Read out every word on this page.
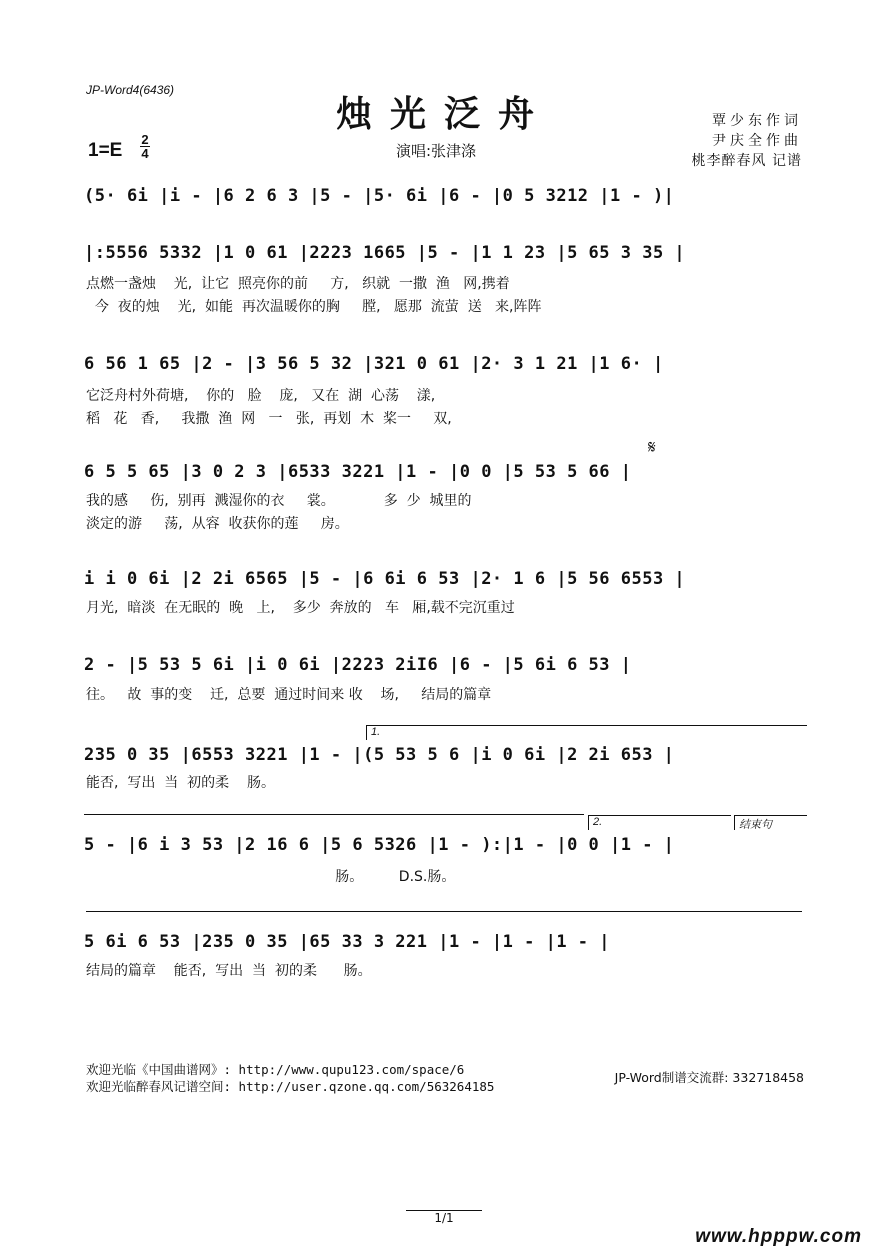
JP-Word4(6436)
烛光泛舟
1=E
2
4	演唱:张津涤
覃少东作词
尹庆全作曲
桃李醉春风 记谱
(5· 6i |i - |6 2 6 3 |5 - |5· 6i |6 - |0 5 3212 |1 - )|
|:5556 5332 |1 0 61 |2223 1665 |5 - |1 1 23 |5 65 3 35 |
点燃一盏烛    光,  让它  照亮你的前     方,   织就  一撒  渔   网,携着
今  夜的烛    光,  如能  再次温暖你的胸     膛,   愿那  流萤  送   来,阵阵
6 56 1 65 |2 - |3 56 5 32 |321 0 61 |2· 3 1 21 |1 6· |
它泛舟村外荷塘,    你的   脸    庞,   又在  湖  心荡    漾,
稻   花   香,     我撒  渔  网   一   张,  再划  木  桨一     双,
𝄋
6 5 5 65 |3 0 2 3 |6533 3221 |1 - |0 0 |5 53 5 66 |
我的感     伤,  别再  溅湿你的衣     裳。           多  少  城里的
淡定的游     荡,  从容  收获你的莲     房。
i i 0 6i |2 2i 6565 |5 - |6 6i 6 53 |2· 1 6 |5 56 6553 |
月光,  暗淡  在无眠的  晚   上,    多少  奔放的   车   厢,载不完沉重过
2 - |5 53 5 6i |i 0 6i |2223 2iI6 |6 - |5 6i 6 53 |
往。   故  事的变    迁,  总要  通过时间来 收    场,     结局的篇章
1.
235 0 35 |6553 3221 |1 - |(5 53 5 6 |i 0 6i |2 2i 653 |
能否,  写出  当  初的柔    肠。
2.	结束句
5 - |6 i 3 53 |2 16 6 |5 6 5326 |1 - ):|1 - |0 0 |1 - |
肠。        D.S.肠。
5 6i 6 53 |235 0 35 |65 33 3 221 |1 - |1 - |1 - |
结局的篇章    能否,  写出  当  初的柔      肠。
欢迎光临《中国曲谱网》: http://www.qupu123.com/space/6
欢迎光临醉春风记谱空间: http://user.qzone.qq.com/563264185
JP-Word制谱交流群: 332718458
1/1
www.hpppw.com
